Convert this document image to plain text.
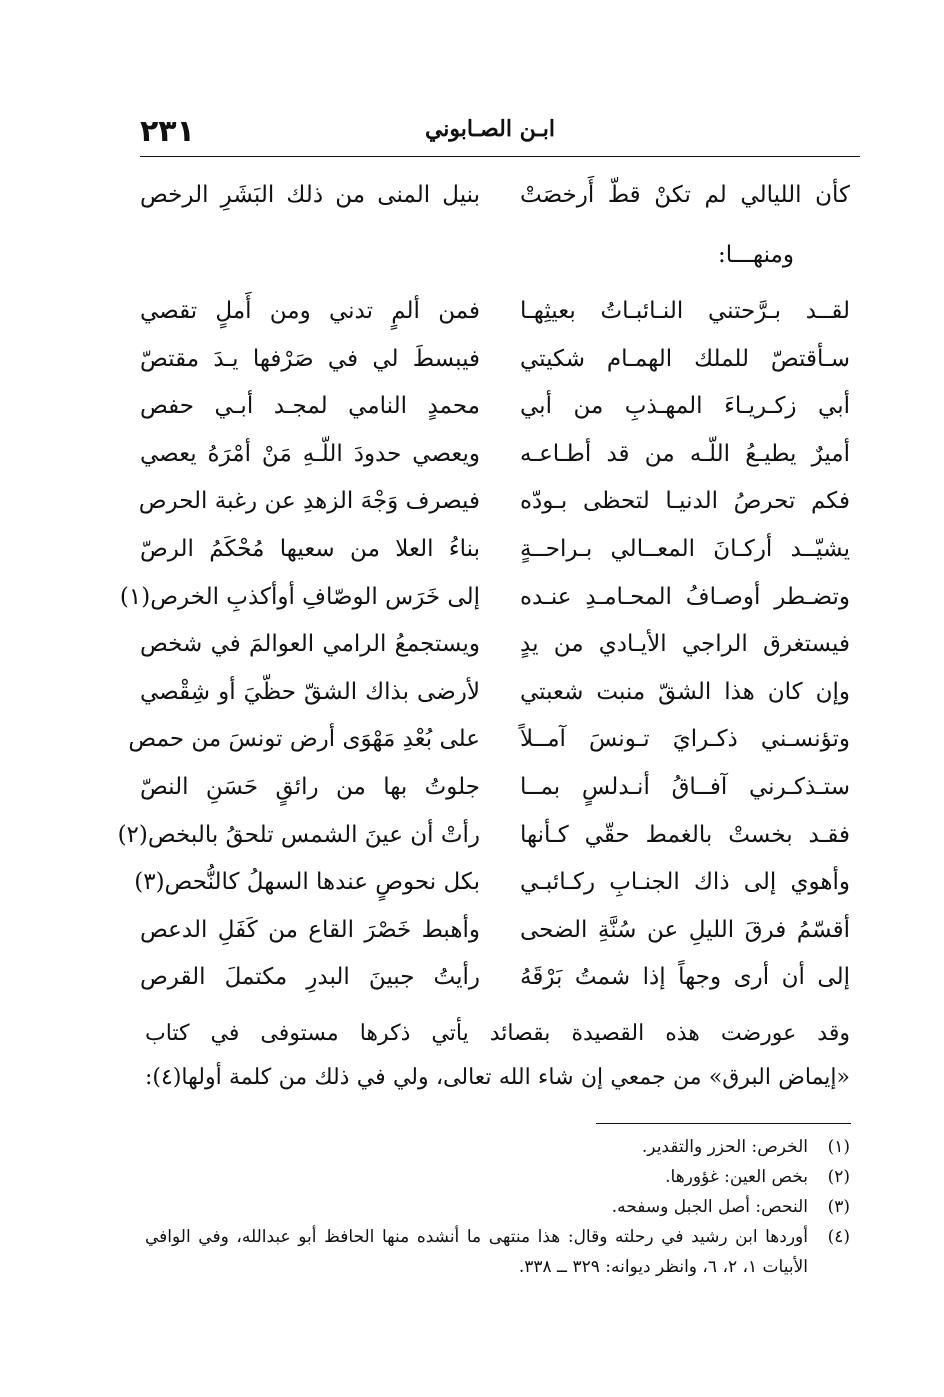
٢٣١	ابـن الصـابوني
كأن الليالي لم تكنْ قطّ أَرخصَتْ
بنيل المنى من ذلك البَشَرِ الرخص
ومنهـــا:
لقــد بـرَّحتني النـائبـاتُ بعيثِهـا
فمن ألمٍ تدني ومن أَملٍ تقصي
سـأقتصّ للملك الهمـام شكيتي
فيبسطَ لي في صَرْفها يـدَ مقتصّ
أبي زكـريـاءَ المهـذبِ من أبي
محمدٍ النامي لمجـد أبـي حفص
أميرٌ يطيـعُ اللّـه من قد أطـاعـه
ويعصي حدودَ اللّـهِ مَنْ أمْرَهُ يعصي
فكم تحرصُ الدنيـا لتحظى بـودّه
فيصرف وَجْهَ الزهدِ عن رغبة الحرص
يشيّــد أركـانَ المعــالي بـراحــةٍ
بناءُ العلا من سعيها مُحْكَمُ الرصّ
وتضـطر أوصـافُ المحـامـدِ عنـده
إلى خَرَس الوصّافِ أوأكذبِ الخرص(١)
فيستغرق الراجي الأيـادي من يدٍ
ويستجمعُ الرامي العوالمَ في شخص
وإن كان هذا الشقّ منبت شعبتي
لأرضى بذاك الشقّ حظّيَ أو شِقْصي
وتؤنسـني ذكـرايَ تـونسَ آمــلاً
على بُعْدِ مَهْوَى أرض تونسَ من حمص
ستـذكـرني آفــاقُ أنـدلسٍ بمــا
جلوتُ بها من رائقٍ حَسَنِ النصّ
فقـد بخستْ بالغمط حقّي كـأنها
رأتْ أن عينَ الشمس تلحقُ بالبخص(٢)
وأهوي إلى ذاك الجنـابِ ركـائبـي
بكل نحوصٍ عندها السهلُ كالنُّحص(٣)
أقسّمُ فرقَ الليلِ عن سُنَّةِ الضحى
وأهبط خَصْرَ القاع من كَفَلِ الدعص
إلى أن أرى وجهاً إذا شمتُ بَرْقَهُ
رأيتُ جبينَ البدرِ مكتملَ القرص

وقد عورضت هذه القصيدة بقصائد يأتي ذكرها مستوفى في كتاب

«إيماض البرق» من جمعي إن شاء الله تعالى، ولي في ذلك من كلمة أولها(٤):

(١)
الخرص: الحزر والتقدير.
(٢)
بخص العين: غؤورها.
(٣)
النحص: أصل الجبل وسفحه.
(٤)
أوردها ابن رشيد في رحلته وقال: هذا منتهى ما أنشده منها الحافظ أبو عبدالله، وفي الوافي الأبيات ١، ٢، ٦، وانظر ديوانه: ٣٢٩ ــ ٣٣٨.
